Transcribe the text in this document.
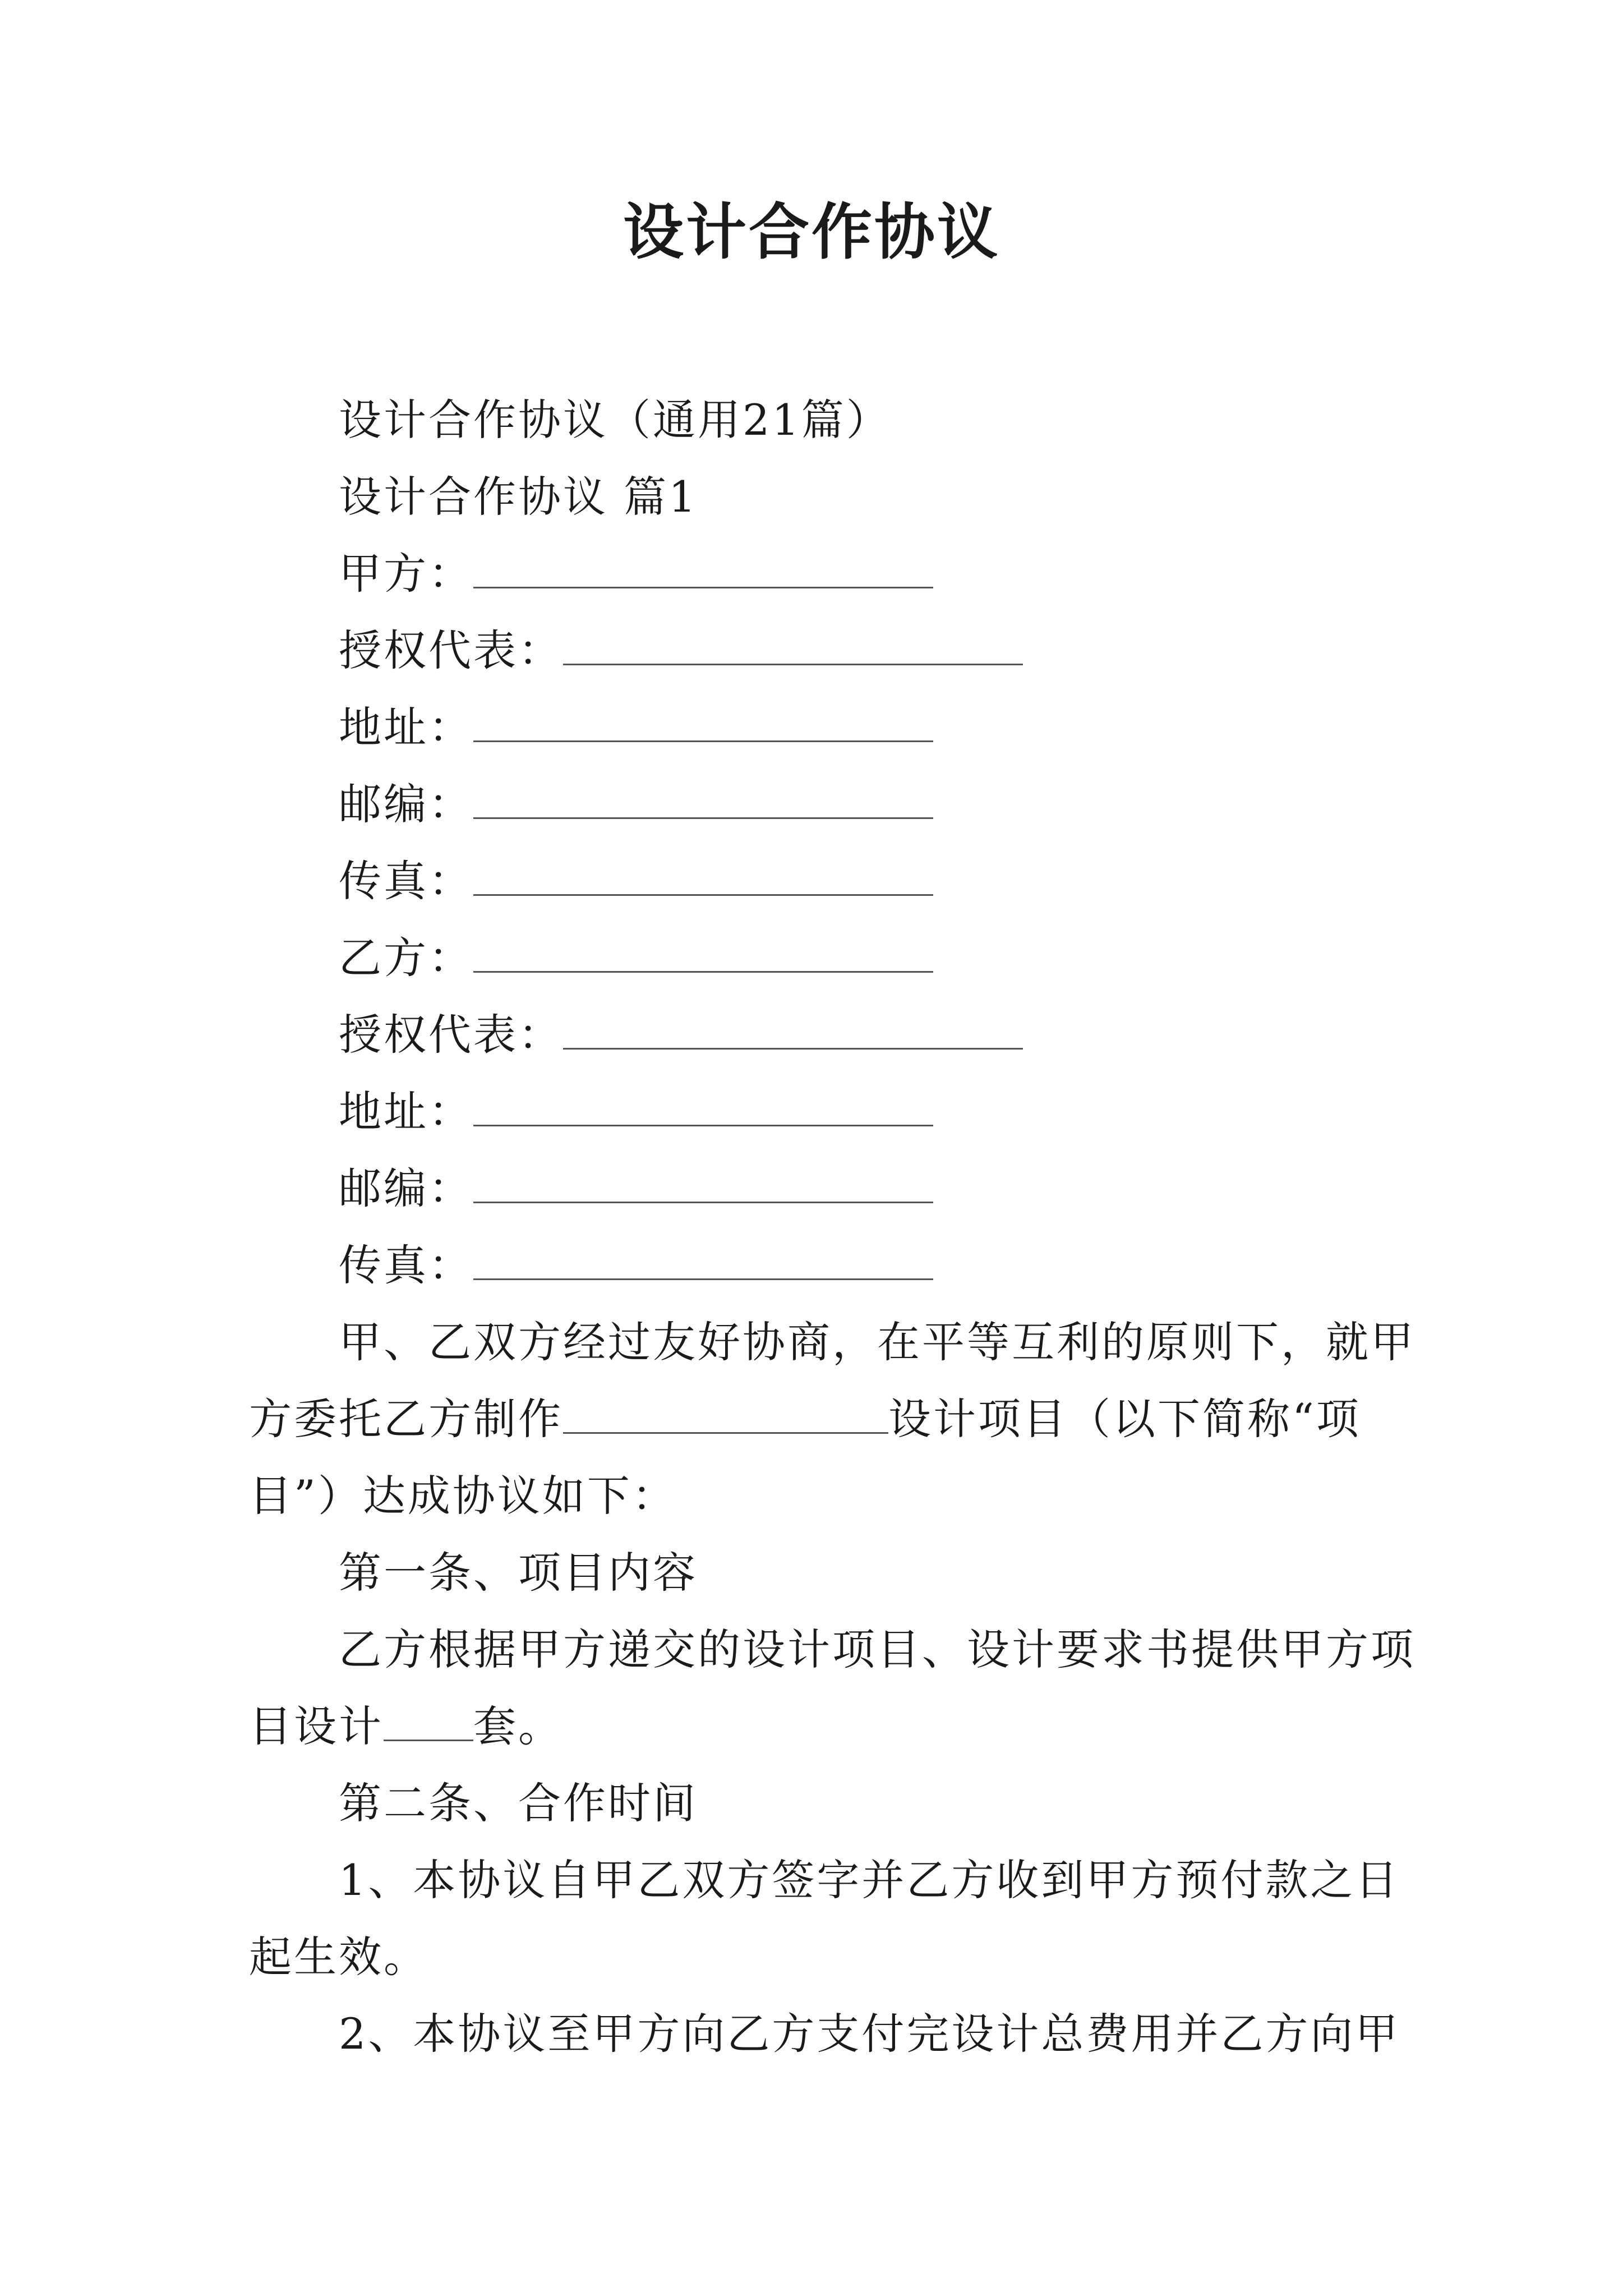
设计合作协议
设计合作协议（通用21篇）
设计合作协议 篇1
甲方：
授权代表：
地址：
邮编：
传真：
乙方：
授权代表：
地址：
邮编：
传真：
甲、乙双方经过友好协商，在平等互利的原则下，就甲
方委托乙方制作	设计项目（以下简称“项
目”）达成协议如下：
第一条、项目内容
乙方根据甲方递交的设计项目、设计要求书提供甲方项
目设计 套。
第二条、合作时间
1、本协议自甲乙双方签字并乙方收到甲方预付款之日
起生效。
2、本协议至甲方向乙方支付完设计总费用并乙方向甲
